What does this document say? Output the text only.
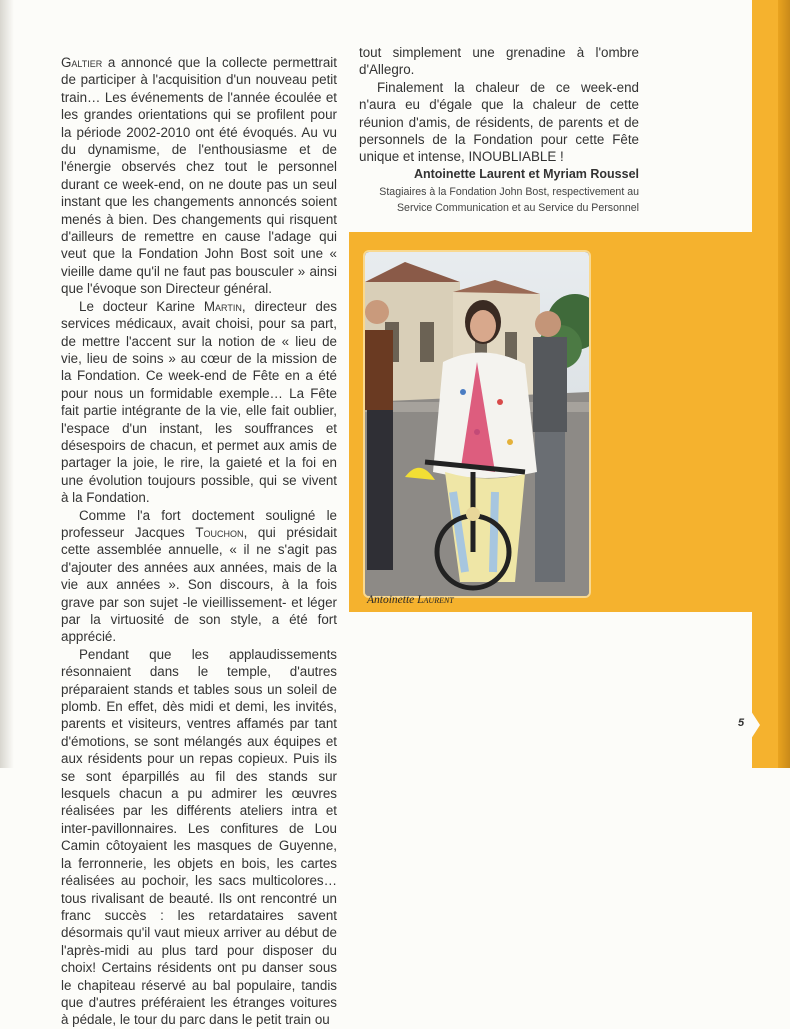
Galtier a annoncé que la collecte permettrait de participer à l'acquisition d'un nouveau petit train… Les événements de l'année écoulée et les grandes orientations qui se profilent pour la période 2002-2010 ont été évoqués. Au vu du dynamisme, de l'enthousiasme et de l'énergie observés chez tout le personnel durant ce week-end, on ne doute pas un seul instant que les changements annoncés soient menés à bien. Des changements qui risquent d'ailleurs de remettre en cause l'adage qui veut que la Fondation John Bost soit une « vieille dame qu'il ne faut pas bousculer » ainsi que l'évoque son Directeur général.

Le docteur Karine Martin, directeur des services médicaux, avait choisi, pour sa part, de mettre l'accent sur la notion de « lieu de vie, lieu de soins » au cœur de la mission de la Fondation. Ce week-end de Fête en a été pour nous un formidable exemple… La Fête fait partie intégrante de la vie, elle fait oublier, l'espace d'un instant, les souffrances et désespoirs de chacun, et permet aux amis de partager la joie, le rire, la gaieté et la foi en une évolution toujours possible, qui se vivent à la Fondation.

Comme l'a fort doctement souligné le professeur Jacques Touchon, qui présidait cette assemblée annuelle, « il ne s'agit pas d'ajouter des années aux années, mais de la vie aux années ». Son discours, à la fois grave par son sujet -le vieillissement- et léger par la virtuosité de son style, a été fort apprécié.

Pendant que les applaudissements résonnaient dans le temple, d'autres préparaient stands et tables sous un soleil de plomb. En effet, dès midi et demi, les invités, parents et visiteurs, ventres affamés par tant d'émotions, se sont mélangés aux équipes et aux résidents pour un repas copieux. Puis ils se sont éparpillés au fil des stands sur lesquels chacun a pu admirer les œuvres réalisées par les différents ateliers intra et inter-pavillonnaires. Les confitures de Lou Camin côtoyaient les masques de Guyenne, la ferronnerie, les objets en bois, les cartes réalisées au pochoir, les sacs multicolores… tous rivalisant de beauté. Ils ont rencontré un franc succès : les retardataires savent désormais qu'il vaut mieux arriver au début de l'après-midi au plus tard pour disposer du choix! Certains résidents ont pu danser sous le chapiteau réservé au bal populaire, tandis que d'autres préféraient les étranges voitures à pédale, le tour du parc dans le petit train ou

tout simplement une grenadine à l'ombre d'Allegro.

Finalement la chaleur de ce week-end n'aura eu d'égale que la chaleur de cette réunion d'amis, de résidents, de parents et de personnels de la Fondation pour cette Fête unique et intense, INOUBLIABLE !

Antoinette Laurent et Myriam Roussel
Stagiaires à la Fondation John Bost, respectivement au Service Communication et au Service du Personnel
Antoinette Laurent
5
